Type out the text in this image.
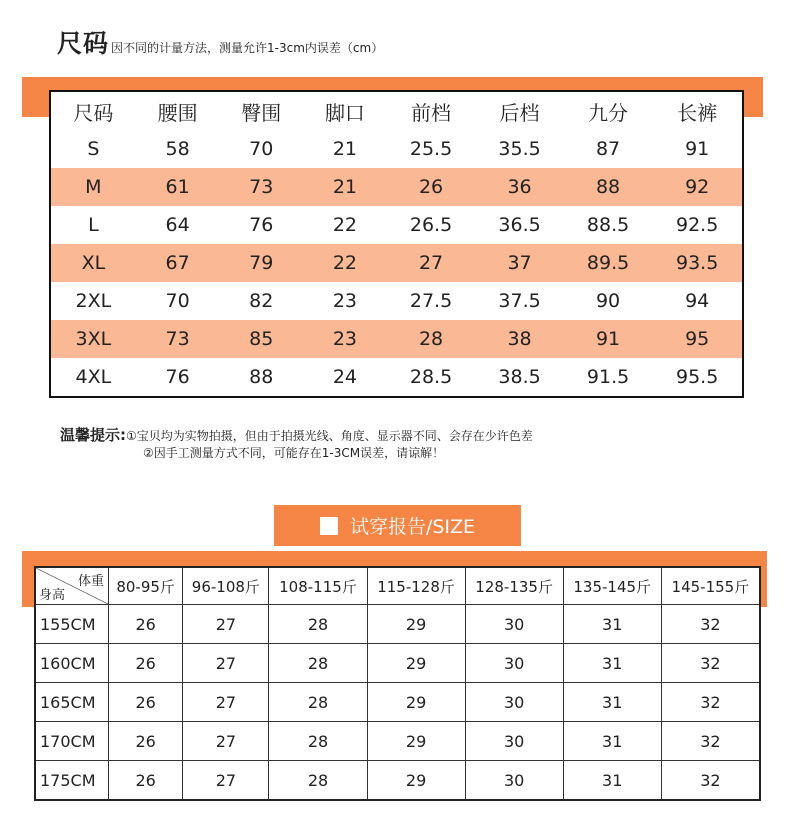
尺码 因不同的计量方法，测量允许1-3cm内误差（cm）
尺码	腰围	臀围	脚口	前档	后档	九分	长裤
S	58	70	21	25.5	35.5	87	91
M	61	73	21	26	36	88	92
L	64	76	22	26.5	36.5	88.5	92.5
XL	67	79	22	27	37	89.5	93.5
2XL	70	82	23	27.5	37.5	90	94
3XL	73	85	23	28	38	91	95
4XL	76	88	24	28.5	38.5	91.5	95.5
温馨提示:①宝贝均为实物拍摄，但由于拍摄光线、角度、显示器不同、会存在少许色差
②因手工测量方式不同，可能存在1-3CM误差，请谅解！
试穿报告/SIZE
体重
身高	80-95斤	96-108斤	108-115斤	115-128斤	128-135斤	135-145斤	145-155斤
155CM	26	27	28	29	30	31	32
160CM	26	27	28	29	30	31	32
165CM	26	27	28	29	30	31	32
170CM	26	27	28	29	30	31	32
175CM	26	27	28	29	30	31	32
